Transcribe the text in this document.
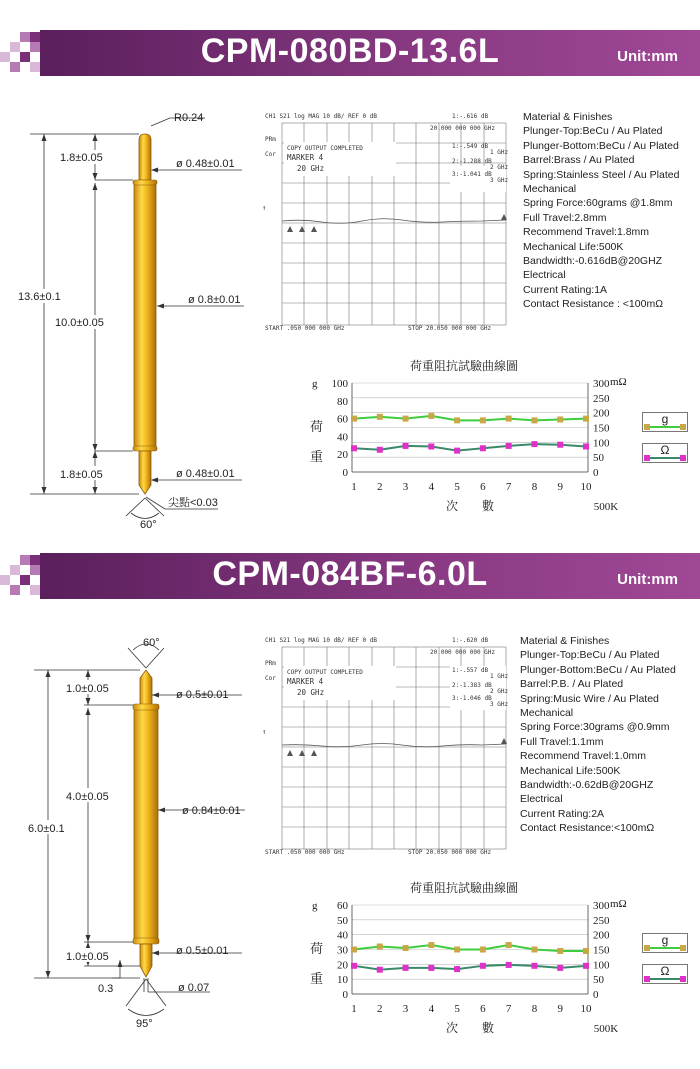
CPM-080BD-13.6L	Unit:mm
13.6±0.1
1.8±0.05
10.0±0.05
1.8±0.05
R0.24
ø 0.48±0.01
ø 0.8±0.01
ø 0.48±0.01
尖點<0.03
60°
CH1 S21 log MAG 10 dB/ REF 0 dB	1:-.616 dB
20.000 000 000 GHz
PRm
Cor
COPY OUTPUT COMPLETED
MARKER 4
20 GHz
1:-.549 dB
1 GHz
2:-1.288 dB
2 GHz
3:-1.041 dB
3 GHz
↑
START .050 000 000 GHz	STOP 20.050 000 000 GHz
Material & Finishes
Plunger-Top:BeCu / Au Plated
Plunger-Bottom:BeCu / Au Plated
Barrel:Brass / Au Plated
Spring:Stainless Steel / Au Plated
Mechanical
Spring Force:60grams @1.8mm
Full Travel:2.8mm
Recommend Travel:1.8mm
Mechanical Life:500K
Bandwidth:-0.616dB@20GHZ
Electrical
Current Rating:1A
Contact Resistance : <100mΩ
荷重阻抗試驗曲線圖
0
50
100
150
200
250
300
0
20
40
60
80
100
1 2 3 4 5 6 7 8 9 10
g	mΩ
荷
重
次　　數	500K
g
Ω
CPM-084BF-6.0L	Unit:mm
1.0±0.05
4.0±0.05
6.0±0.1
1.0±0.05
60°
ø 0.5±0.01
ø 0.84±0.01
ø 0.5±0.01
0.3	ø 0.07
95°
CH1 S21 log MAG 10 dB/ REF 0 dB	1:-.620 dB
20.000 000 000 GHz
PRm
Cor
COPY OUTPUT COMPLETED
MARKER 4
20 GHz
1:-.557 dB
1 GHz
2:-1.383 dB
2 GHz
3:-1.046 dB
3 GHz
↑
START .050 000 000 GHz	STOP 20.050 000 000 GHz
Material & Finishes
Plunger-Top:BeCu / Au Plated
Plunger-Bottom:BeCu / Au Plated
Barrel:P.B. / Au Plated
Spring:Music Wire / Au Plated
Mechanical
Spring Force:30grams @0.9mm
Full Travel:1.1mm
Recommend Travel:1.0mm
Mechanical Life:500K
Bandwidth:-0.62dB@20GHZ
Electrical
Current Rating:2A
Contact Resistance:<100mΩ
荷重阻抗試驗曲線圖
0
50
100
150
200
250
300
0
10
20
30
40
50
60
1 2 3 4 5 6 7 8 9 10
g	mΩ
荷
重
次　　數	500K
g
Ω
